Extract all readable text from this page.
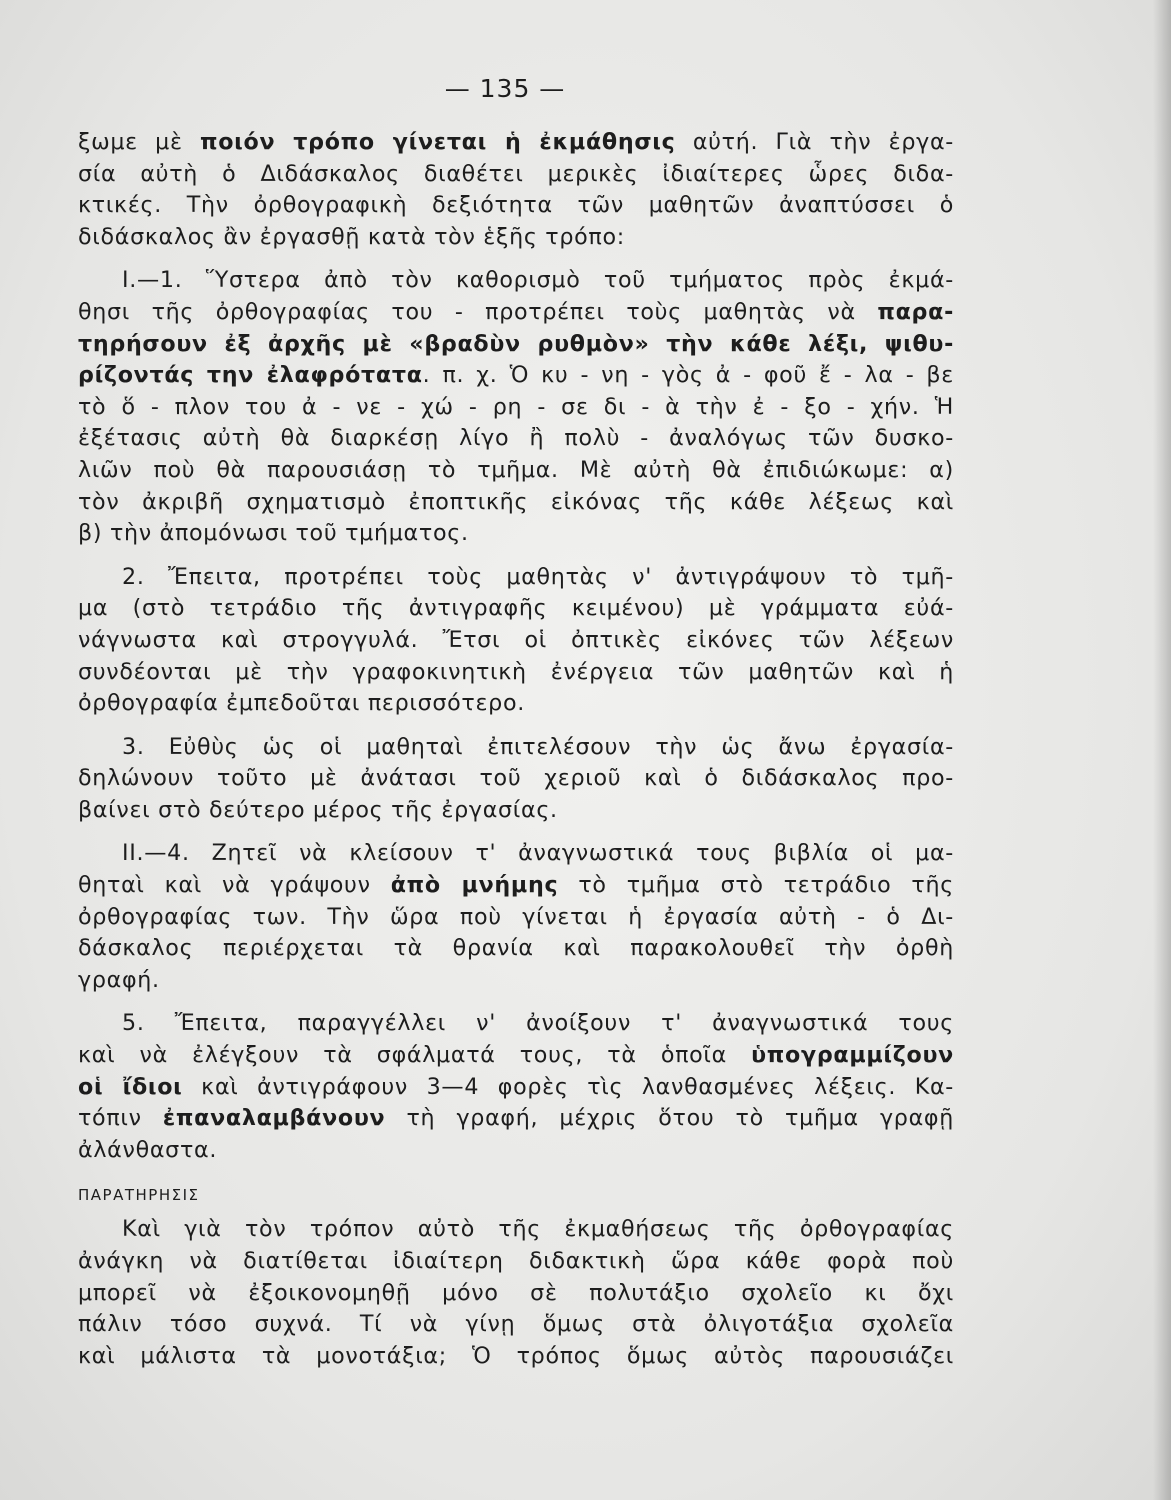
— 135 —
ξωμε μὲ ποιόν τρόπο γίνεται ἡ ἐκμάθησις αὐτή. Γιὰ τὴν ἐργα-
σία αὐτὴ ὁ Διδάσκαλος διαθέτει μερικὲς ἰδιαίτερες ὧρες διδα-
κτικές. Τὴν ὀρθογραφικὴ δεξιότητα τῶν μαθητῶν ἀναπτύσσει ὁ
διδάσκαλος ἂν ἐργασθῇ κατὰ τὸν ἑξῆς τρόπο:
I.—1. Ὕστερα ἀπὸ τὸν καθορισμὸ τοῦ τμήματος πρὸς ἐκμά-
θησι τῆς ὀρθογραφίας του - προτρέπει τοὺς μαθητὰς νὰ παρα-
τηρήσουν ἐξ ἀρχῆς μὲ «βραδὺν ρυθμὸν» τὴν κάθε λέξι, ψιθυ-
ρίζοντάς την ἐλαφρότατα. π. χ. Ὁ κυ - νη - γὸς ἀ - φοῦ ἔ - λα - βε
τὸ ὅ - πλον του ἀ - νε - χώ - ρη - σε δι - ὰ τὴν ἐ - ξο - χήν. Ἡ
ἐξέτασις αὐτὴ θὰ διαρκέσῃ λίγο ἢ πολὺ - ἀναλόγως τῶν δυσκο-
λιῶν ποὺ θὰ παρουσιάσῃ τὸ τμῆμα. Μὲ αὐτὴ θὰ ἐπιδιώκωμε: α)
τὸν ἀκριβῆ σχηματισμὸ ἐποπτικῆς εἰκόνας τῆς κάθε λέξεως καὶ
β) τὴν ἀπομόνωσι τοῦ τμήματος.
2. Ἔπειτα, προτρέπει τοὺς μαθητὰς ν' ἀντιγράψουν τὸ τμῆ-
μα (στὸ τετράδιο τῆς ἀντιγραφῆς κειμένου) μὲ γράμματα εὐά-
νάγνωστα καὶ στρογγυλά. Ἔτσι οἱ ὀπτικὲς εἰκόνες τῶν λέξεων
συνδέονται μὲ τὴν γραφοκινητικὴ ἐνέργεια τῶν μαθητῶν καὶ ἡ
ὀρθογραφία ἐμπεδοῦται περισσότερο.
3. Εὐθὺς ὡς οἱ μαθηταὶ ἐπιτελέσουν τὴν ὡς ἄνω ἐργασία-
δηλώνουν τοῦτο μὲ ἀνάτασι τοῦ χεριοῦ καὶ ὁ διδάσκαλος προ-
βαίνει στὸ δεύτερο μέρος τῆς ἐργασίας.
II.—4. Ζητεῖ νὰ κλείσουν τ' ἀναγνωστικά τους βιβλία οἱ μα-
θηταὶ καὶ νὰ γράψουν ἀπὸ μνήμης τὸ τμῆμα στὸ τετράδιο τῆς
ὀρθογραφίας των. Τὴν ὥρα ποὺ γίνεται ἡ ἐργασία αὐτὴ - ὁ Δι-
δάσκαλος περιέρχεται τὰ θρανία καὶ παρακολουθεῖ τὴν ὀρθὴ
γραφή.
5. Ἔπειτα, παραγγέλλει ν' ἀνοίξουν τ' ἀναγνωστικά τους
καὶ νὰ ἐλέγξουν τὰ σφάλματά τους, τὰ ὁποῖα ὑπογραμμίζουν
οἱ ἴδιοι καὶ ἀντιγράφουν 3—4 φορὲς τὶς λανθασμένες λέξεις. Κα-
τόπιν ἐπαναλαμβάνουν τὴ γραφή, μέχρις ὅτου τὸ τμῆμα γραφῇ
ἀλάνθαστα.
ΠΑΡΑΤΗΡΗΣΙΣ
Καὶ γιὰ τὸν τρόπον αὐτὸ τῆς ἐκμαθήσεως τῆς ὀρθογραφίας
ἀνάγκη νὰ διατίθεται ἰδιαίτερη διδακτικὴ ὥρα κάθε φορὰ ποὺ
μπορεῖ νὰ ἐξοικονομηθῇ μόνο σὲ πολυτάξιο σχολεῖο κι ὄχι
πάλιν τόσο συχνά. Τί νὰ γίνῃ ὅμως στὰ ὀλιγοτάξια σχολεῖα
καὶ μάλιστα τὰ μονοτάξια; Ὁ τρόπος ὅμως αὐτὸς παρουσιάζει
